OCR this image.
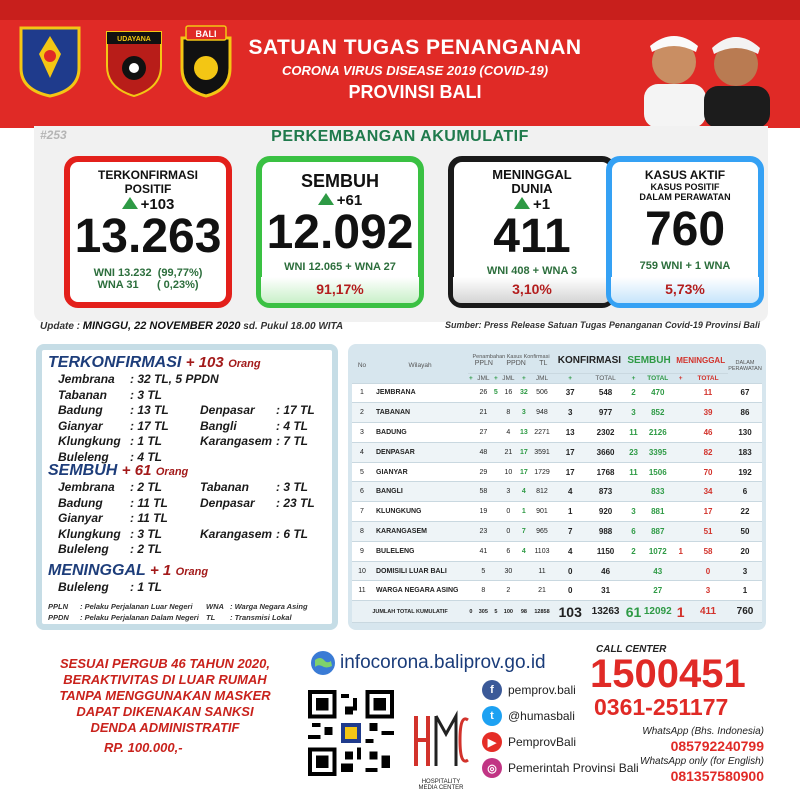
UDAYANA
BALI
SATUAN TUGAS PENANGANAN
CORONA VIRUS DISEASE 2019 (COVID-19)
PROVINSI BALI
#253	PERKEMBANGAN AKUMULATIF
TERKONFIRMASI
POSITIF
+103
13.263
WNI 13.232  (99,77%)
WNA 31      ( 0,23%)
SEMBUH
+61
12.092
WNI 12.065 + WNA 27
91,17%
MENINGGAL
DUNIA
+1
411
WNI 408 + WNA 3
3,10%
KASUS AKTIF
KASUS POSITIF
DALAM PERAWATAN
760
759 WNI + 1 WNA
5,73%
Update : MINGGU, 22 NOVEMBER 2020 sd. Pukul 18.00 WITA	Sumber: Press Release Satuan Tugas Penanganan Covid-19 Provinsi Bali
TERKONFIRMASI + 103 Orang
Jembrana : 32 TL, 5 PPDN
Tabanan : 3 TL
Badung : 13 TL	Denpasar : 17 TL
Gianyar : 17 TL	Bangli	: 4 TL
Klungkung : 1 TL	Karangasem : 7 TL
Buleleng : 4 TL
SEMBUH + 61 Orang
Jembrana : 2 TL	Tabanan : 3 TL
Badung : 11 TL	Denpasar : 23 TL
Gianyar : 11 TL
Klungkung : 3 TL	Karangasem : 6 TL
Buleleng : 2 TL
MENINGGAL + 1 Orang
Buleleng : 1 TL
PPLN : Pelaku Perjalanan Luar Negeri WNA : Warga Negara Asing
PPDN : Pelaku Perjalanan Dalam Negeri TL : Transmisi Lokal
No	Wilayah	Penambahan Kasus Konfirmasi
PPLN PPDN TL						KONFIRMASI		SEMBUH		MENINGGAL		DALAM PERAWATAN
		+	JML	+	JML	+	JML	+	TOTAL	+	TOTAL	+	TOTAL	
1	JEMBRANA		26	5	16	32	506	37	548	2	470		11	67
2	TABANAN		21		8	3	948	3	977	3	852		39	86
3	BADUNG		27		4	13	2271	13	2302	11	2126		46	130
4	DENPASAR		48		21	17	3591	17	3660	23	3395		82	183
5	GIANYAR		29		10	17	1729	17	1768	11	1506		70	192
6	BANGLI		58		3	4	812	4	873		833		34	6
7	KLUNGKUNG		19		0	1	901	1	920	3	881		17	22
8	KARANGASEM		23		0	7	965	7	988	6	887		51	50
9	BULELENG		41		6	4	1103	4	1150	2	1072	1	58	20
10	DOMISILI LUAR BALI		5		30		11	0	46		43		0	3
11	WARGA NEGARA ASING		8		2		21	0	31		27		3	1
JUMLAH TOTAL KUMULATIF		0	305	5	100	98	12858	103	13263	61	12092	1	411	760
SESUAI PERGUB 46 TAHUN 2020,
BERAKTIVITAS DI LUAR RUMAH
TANPA MENGGUNAKAN MASKER
DAPAT DIKENAKAN SANKSI
DENDA ADMINISTRATIF
RP. 100.000,-
infocorona.baliprov.go.id
HOSPITALITY
MEDIA CENTER
f	pemprov.bali
t	@humasbali
▶ PemprovBali
◎ Pemerintah Provinsi Bali
CALL CENTER
1500451
0361-251177
WhatsApp (Bhs. Indonesia)
085792240799
WhatsApp only (for English)
081357580900
